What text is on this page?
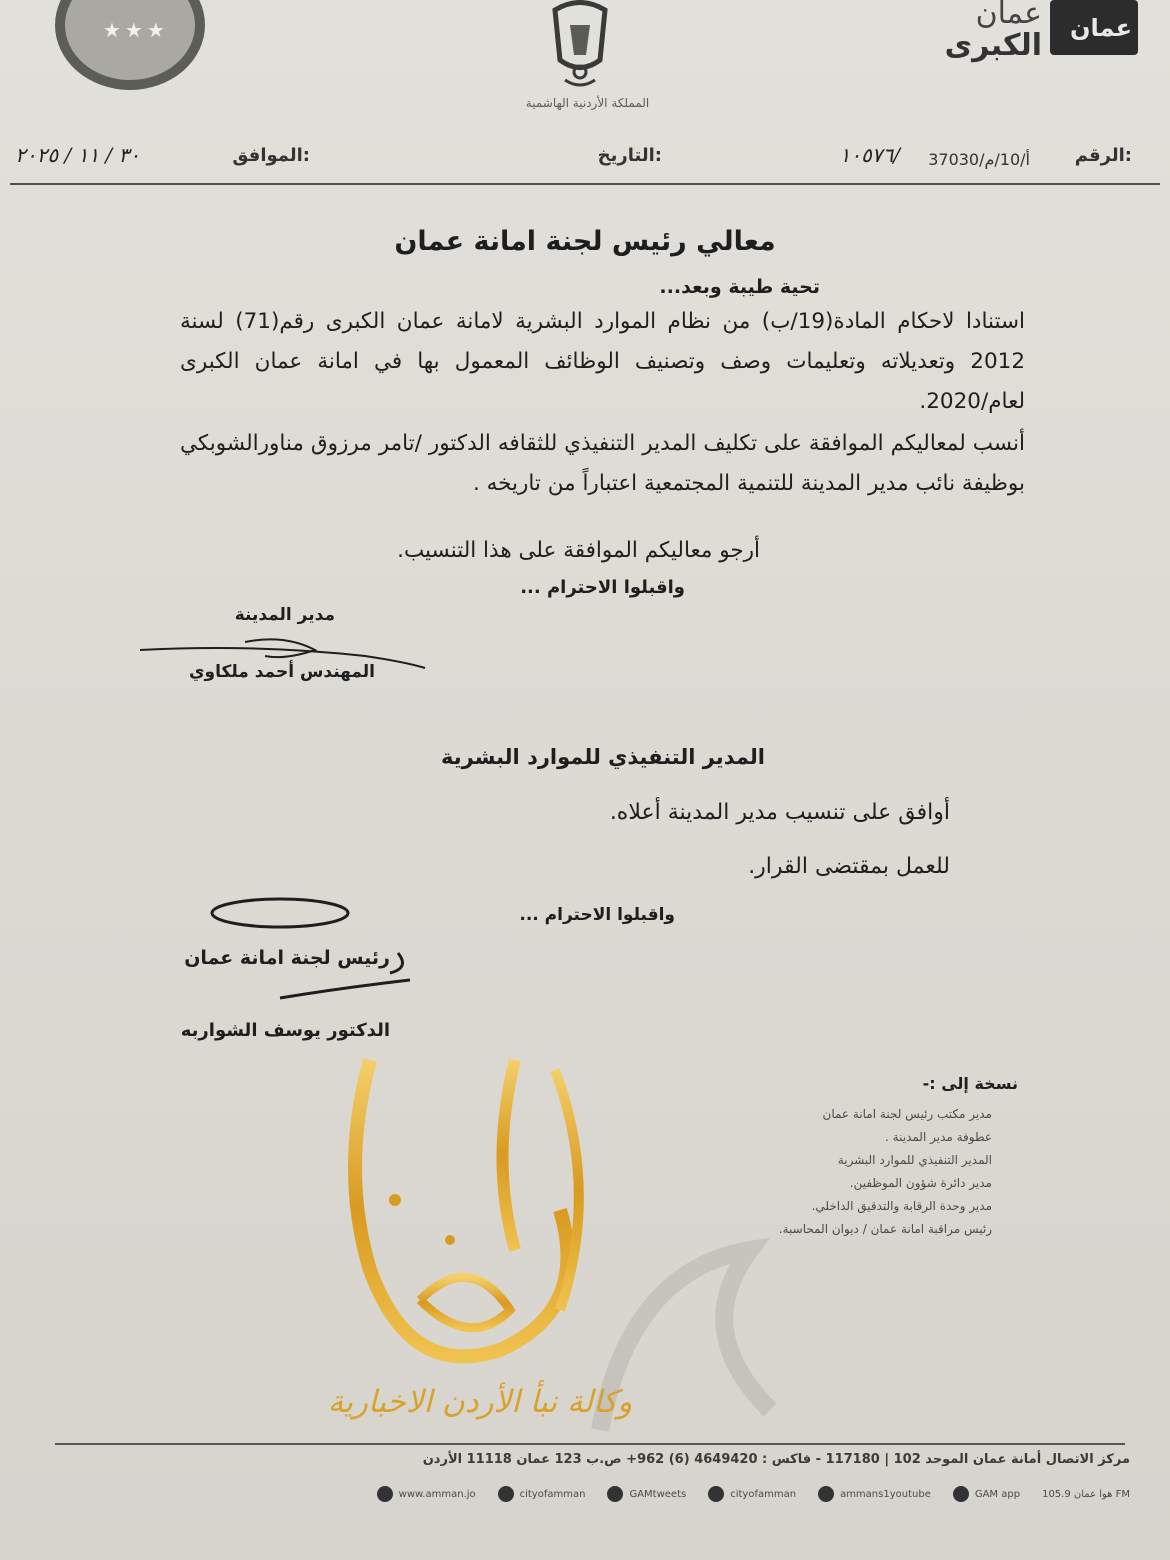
★★★
المملكة الأردنية الهاشمية
عمان
الكبرى عمان
الرقم:
37030/أ/10/م
١٠٥٧٦/
التاريخ:
الموافق:
٣٠ / ١١ / ٢٠٢٥
معالي رئيس لجنة امانة عمان
تحية طيبة وبعد...
استنادا لاحكام المادة(19/ب) من نظام الموارد البشرية لامانة عمان الكبرى رقم(71) لسنة 2012 وتعديلاته وتعليمات وصف وتصنيف الوظائف المعمول بها في امانة عمان الكبرى لعام/2020.
أنسب لمعاليكم الموافقة على تكليف المدير التنفيذي للثقافه الدكتور /تامر مرزوق مناورالشوبكي بوظيفة نائب مدير المدينة للتنمية المجتمعية اعتباراً من تاريخه .
أرجو معاليكم الموافقة على هذا التنسيب.
واقبلوا الاحترام ...
مدير المدينة
المهندس أحمد ملكاوي
المدير التنفيذي للموارد البشرية
أوافق على تنسيب مدير المدينة أعلاه.
للعمل بمقتضى القرار.
واقبلوا الاحترام ...
رئيس لجنة امانة عمان
الدكتور يوسف الشواربه
نسخة إلى :-
مدير مكتب رئيس لجنة امانة عمان
عطوفة مدير المدينة .
المدير التنفيذي للموارد البشرية
مدير دائرة شؤون الموظفين.
مدير وحدة الرقابة والتدقيق الداخلي.
رئيس مراقبة امانة عمان / ديوان المحاسبة.
وكالة نبأ الأردن الاخبارية
مركز الاتصال أمانة عمان الموحد 102 | 117180 - فاكس : 4649420 (6) 962+ ص.ب 123 عمان 11118 الأردن
www.amman.jo	cityofamman	GAMtweets	cityofamman	ammans1youtube	GAM app هوا عمان 105.9 FM
